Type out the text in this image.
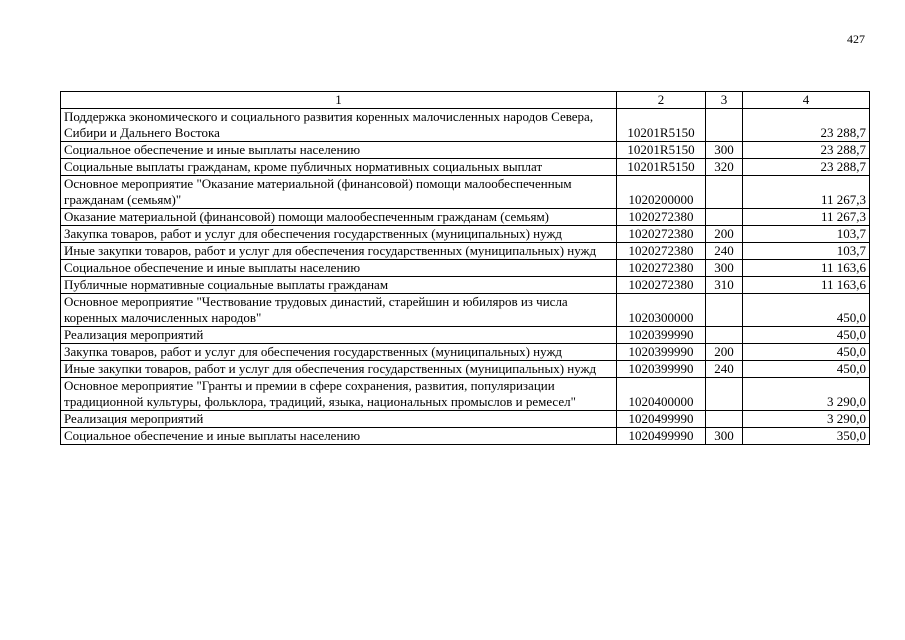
427
1	2	3	4
Поддержка экономического и социального развития коренных малочисленных народов Севера, Сибири и Дальнего Востока	10201R5150		23 288,7
Социальное обеспечение и иные выплаты населению	10201R5150	300	23 288,7
Социальные выплаты гражданам, кроме публичных нормативных социальных выплат	10201R5150	320	23 288,7
Основное мероприятие "Оказание материальной (финансовой) помощи малообеспеченным гражданам (семьям)"	1020200000		11 267,3
Оказание материальной (финансовой) помощи малообеспеченным гражданам (семьям)	1020272380		11 267,3
Закупка товаров, работ и услуг для обеспечения государственных (муниципальных) нужд	1020272380	200	103,7
Иные закупки товаров, работ и услуг для обеспечения государственных (муниципальных) нужд	1020272380	240	103,7
Социальное обеспечение и иные выплаты населению	1020272380	300	11 163,6
Публичные нормативные социальные выплаты гражданам	1020272380	310	11 163,6
Основное мероприятие "Чествование трудовых династий, старейшин и юбиляров из числа коренных малочисленных народов"	1020300000		450,0
Реализация мероприятий	1020399990		450,0
Закупка товаров, работ и услуг для обеспечения государственных (муниципальных) нужд	1020399990	200	450,0
Иные закупки товаров, работ и услуг для обеспечения государственных (муниципальных) нужд	1020399990	240	450,0
Основное мероприятие "Гранты и премии в сфере сохранения, развития, популяризации традиционной культуры, фольклора, традиций, языка, национальных промыслов и ремесел"	1020400000		3 290,0
Реализация мероприятий	1020499990		3 290,0
Социальное обеспечение и иные выплаты населению	1020499990	300	350,0
